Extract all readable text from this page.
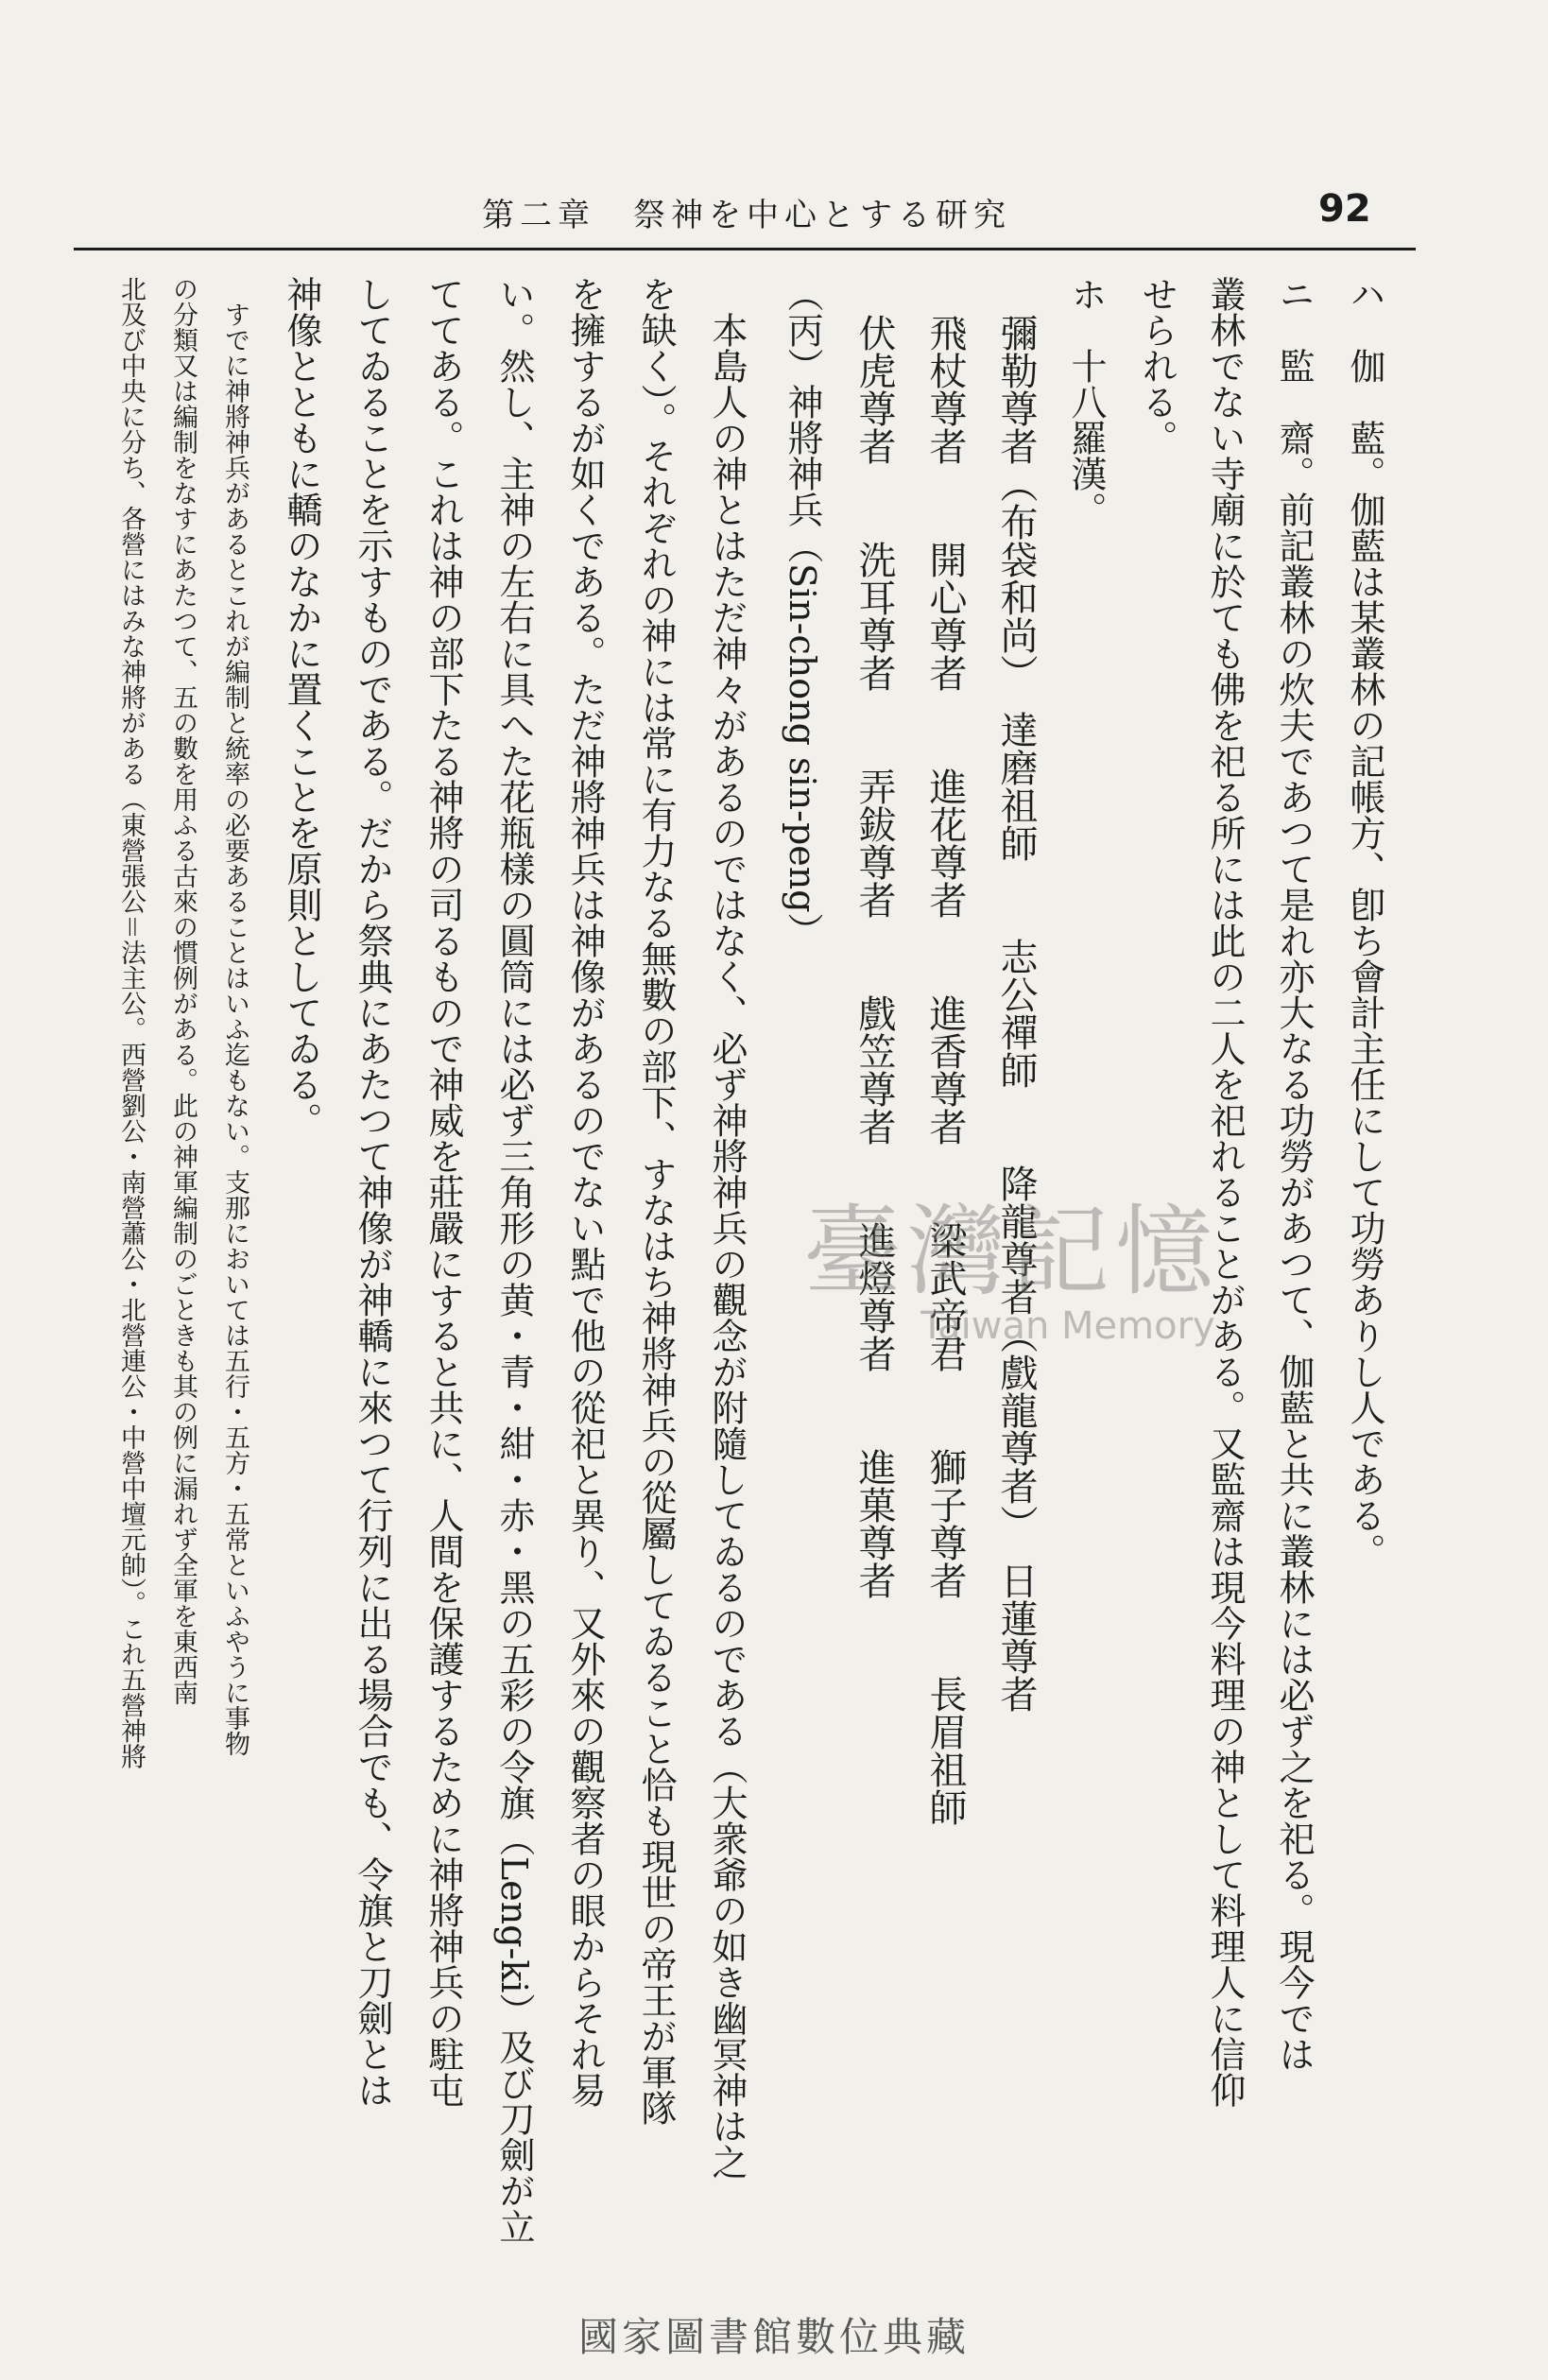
92
第二章　祭神を中心とする研究
ハ　伽　藍。伽藍は某叢林の記帳方、卽ち會計主任にして功勞ありし人である。
ニ　監　齋。前記叢林の炊夫であつて是れ亦大なる功勞があつて、伽藍と共に叢林には必ず之を祀る。現今では
叢林でない寺廟に於ても佛を祀る所には此の二人を祀れることがある。又監齋は現今料理の神として料理人に信仰
せられる。
ホ　十八羅漢。
　彌勒尊者（布袋和尚）　達磨祖師　　志公禪師　　降龍尊者（戲龍尊者）　日蓮尊者
　飛杖尊者　　開心尊者　　進花尊者　　進香尊者　　梁武帝君　　獅子尊者　　長眉祖師
　伏虎尊者　　洗耳尊者　　弄鈸尊者　　戲笠尊者　　進燈尊者　　進菓尊者
（丙）神將神兵（Sin-chong sin-peng）
　本島人の神とはただ神々があるのではなく、必ず神將神兵の觀念が附隨してゐるのである（大衆爺の如き幽冥神は之
を缺く）。それぞれの神には常に有力なる無數の部下、すなはち神將神兵の從屬してゐること恰も現世の帝王が軍隊
を擁するが如くである。ただ神將神兵は神像があるのでない點で他の從祀と異り、又外來の觀察者の眼からそれ易
い。然し、主神の左右に具へた花瓶樣の圓筒には必ず三角形の黄・青・紺・赤・黑の五彩の令旗（Leng-ki）及び刀劍が立
ててある。これは神の部下たる神將の司るもので神威を莊嚴にすると共に、人間を保護するために神將神兵の駐屯
してゐることを示すものである。だから祭典にあたつて神像が神轎に來つて行列に出る場合でも、令旗と刀劍とは
神像とともに轎のなかに置くことを原則としてゐる。
　すでに神將神兵があるとこれが編制と統率の必要あることはいふ迄もない。支那においては五行・五方・五常といふやうに事物
の分類又は編制をなすにあたつて、五の數を用ふる古來の慣例がある。此の神軍編制のごときも其の例に漏れず全軍を東西南
北及び中央に分ち、各營にはみな神將がある（東營張公＝法主公。西營劉公・南營蕭公・北營連公・中營中壇元帥）。これ五營神將	臺灣記憶
Taiwan Memory
國家圖書館數位典藏
